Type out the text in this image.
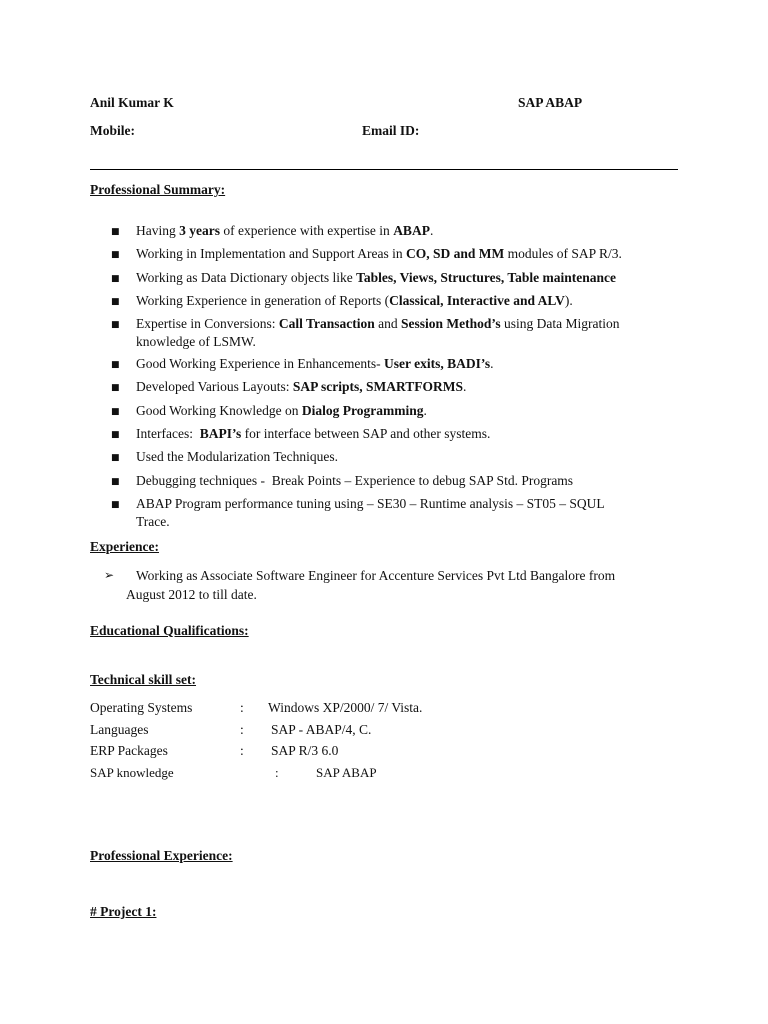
Anil Kumar K	SAP ABAP
Mobile:	Email ID:
Professional Summary:
■ Having 3 years of experience with expertise in ABAP.
■ Working in Implementation and Support Areas in CO, SD and MM modules of SAP R/3.
■ Working as Data Dictionary objects like Tables, Views, Structures, Table maintenance
■ Working Experience in generation of Reports (Classical, Interactive and ALV).
■ Expertise in Conversions: Call Transaction and Session Method’s using Data Migration
knowledge of LSMW.
■ Good Working Experience in Enhancements- User exits, BADI’s.
■ Developed Various Layouts: SAP scripts, SMARTFORMS.
■ Good Working Knowledge on Dialog Programming.
■ Interfaces:  BAPI’s for interface between SAP and other systems.
■ Used the Modularization Techniques.
■ Debugging techniques -  Break Points – Experience to debug SAP Std. Programs
■ ABAP Program performance tuning using – SE30 – Runtime analysis – ST05 – SQUL
Trace.
Experience:
➢ Working as Associate Software Engineer for Accenture Services Pvt Ltd Bangalore from
August 2012 to till date.
Educational Qualifications:
Technical skill set:
Operating Systems	: Windows XP/2000/ 7/ Vista.
Languages	: SAP - ABAP/4, C.
ERP Packages	: SAP R/3 6.0
SAP knowledge	:	SAP ABAP
Professional Experience:
# Project 1:
